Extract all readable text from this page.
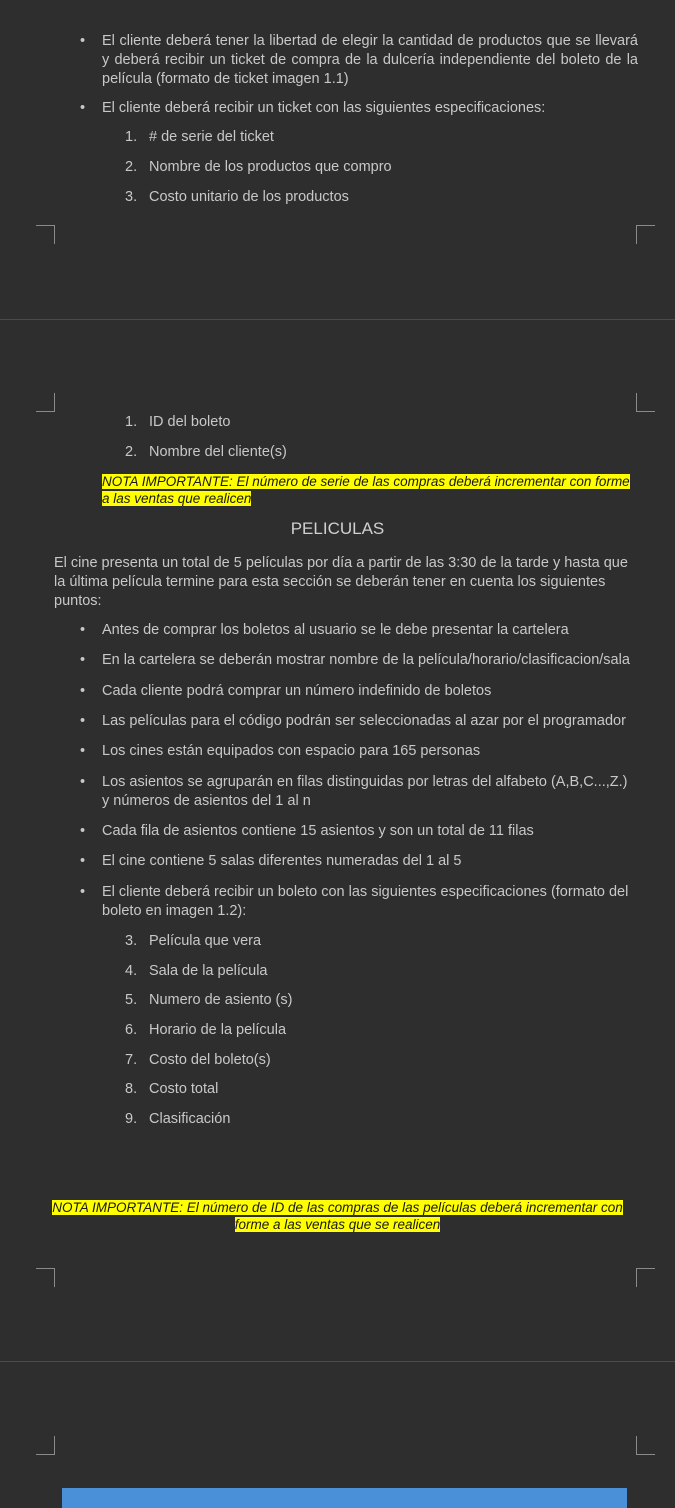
• El cliente deberá tener la libertad de elegir la cantidad de productos que se llevará y deberá recibir un ticket de compra de la dulcería independiente del boleto de la película (formato de ticket imagen 1.1)
• El cliente deberá recibir un ticket con las siguientes especificaciones:
1. # de serie del ticket
2. Nombre de los productos que compro
3. Costo unitario de los productos
1. ID del boleto
2. Nombre del cliente(s)
NOTA IMPORTANTE: El número de serie de las compras deberá incrementar con forme a las ventas que realicen
PELICULAS
El cine presenta un total de 5 películas por día a partir de las 3:30 de la tarde y hasta que la última película termine para esta sección se deberán tener en cuenta los siguientes puntos:
• Antes de comprar los boletos al usuario se le debe presentar la cartelera
• En la cartelera se deberán mostrar nombre de la película/horario/clasificacion/sala
• Cada cliente podrá comprar un número indefinido de boletos
• Las películas para el código podrán ser seleccionadas al azar por el programador
• Los cines están equipados con espacio para 165 personas
• Los asientos se agruparán en filas distinguidas por letras del alfabeto (A,B,C...,Z.) y números de asientos del 1 al n
• Cada fila de asientos contiene 15 asientos y son un total de 11 filas
• El cine contiene 5 salas diferentes numeradas del 1 al 5
• El cliente deberá recibir un boleto con las siguientes especificaciones (formato del boleto en imagen 1.2):
3. Película que vera
4. Sala de la película
5. Numero de asiento (s)
6. Horario de la película
7. Costo del boleto(s)
8. Costo total
9. Clasificación
NOTA IMPORTANTE: El número de ID de las compras de las películas deberá incrementar con
forme a las ventas que se realicen
